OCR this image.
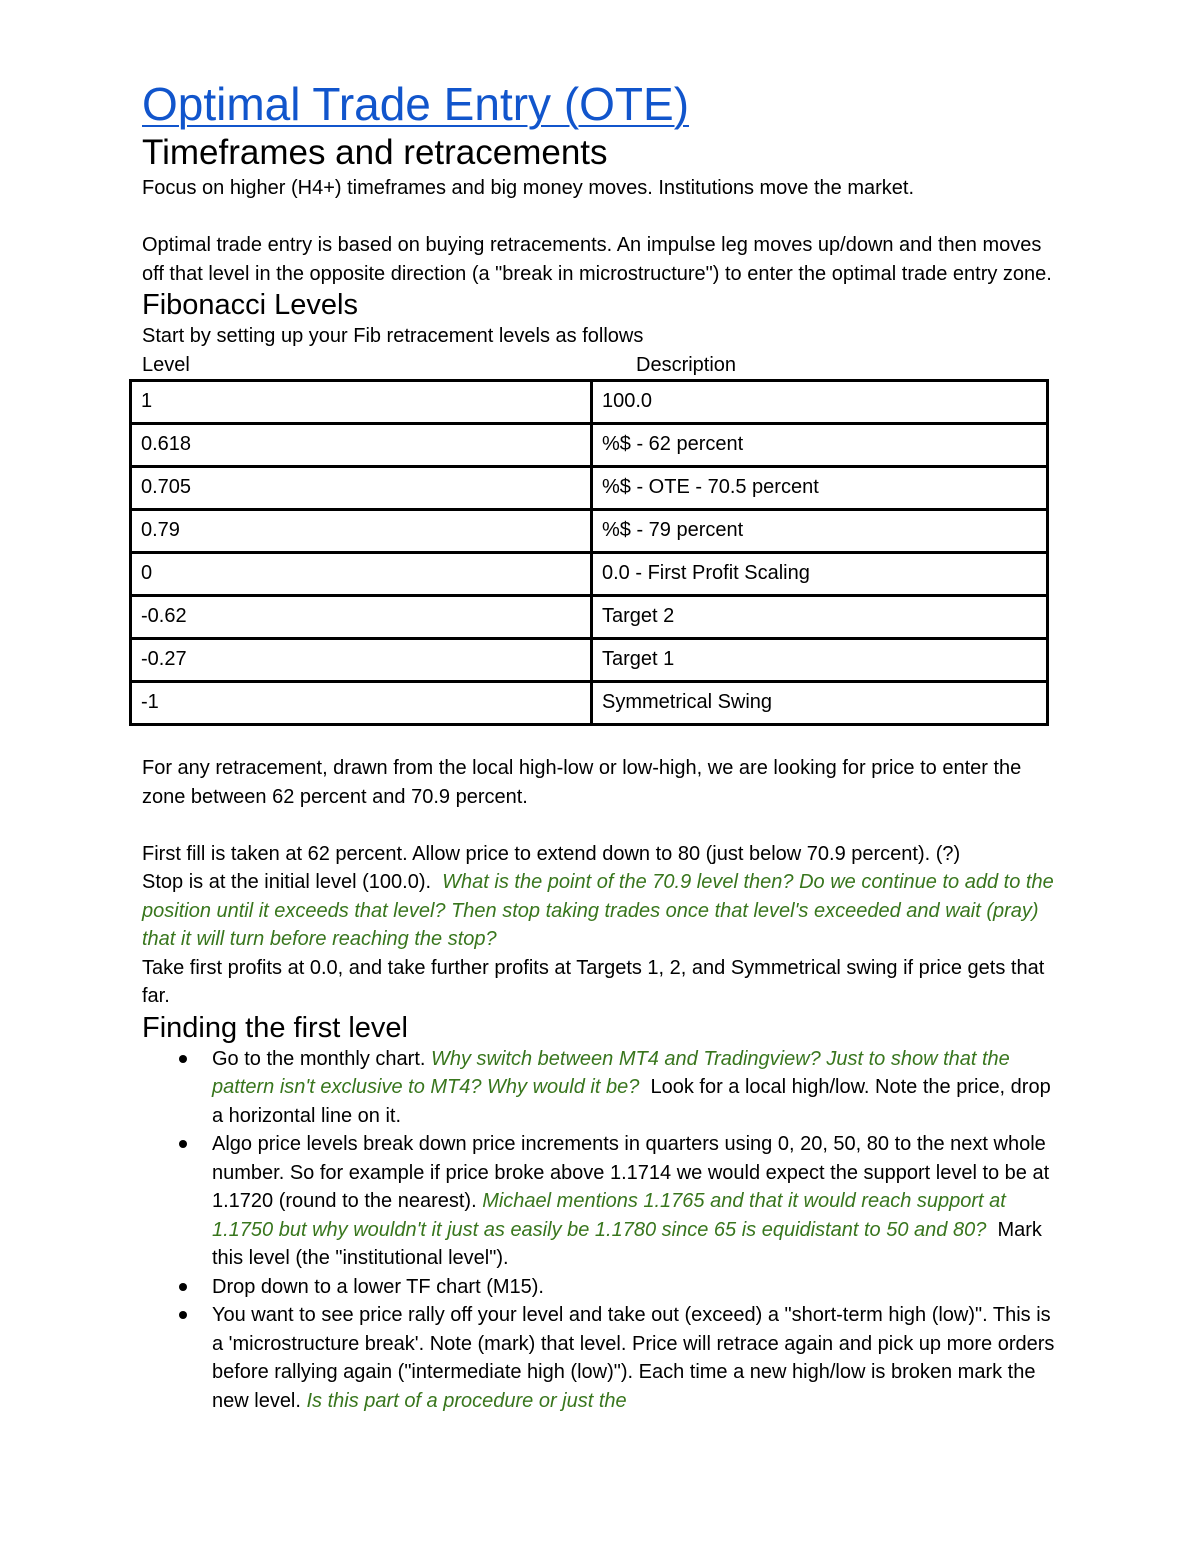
Optimal Trade Entry (OTE)
Timeframes and retracements

Focus on higher (H4+) timeframes and big money moves. Institutions move the market.

Optimal trade entry is based on buying retracements. An impulse leg moves up/down and then moves off that level in the opposite direction (a "break in microstructure") to enter the optimal trade entry zone.

Fibonacci Levels

Start by setting up your Fib retracement levels as follows

Level	Description
1	100.0
0.618	%$ - 62 percent
0.705	%$ - OTE - 70.5 percent
0.79	%$ - 79 percent
0	0.0 - First Profit Scaling
-0.62	Target 2
-0.27	Target 1
-1	Symmetrical Swing

For any retracement, drawn from the local high-low or low-high, we are looking for price to enter the zone between 62 percent and 70.9 percent.

First fill is taken at 62 percent. Allow price to extend down to 80 (just below 70.9 percent). (?)

Stop is at the initial level (100.0). What is the point of the 70.9 level then? Do we continue to add to the position until it exceeds that level? Then stop taking trades once that level's exceeded and wait (pray) that it will turn before reaching the stop?

Take first profits at 0.0, and take further profits at Targets 1, 2, and Symmetrical swing if price gets that far.

Finding the first level
Go to the monthly chart. Why switch between MT4 and Tradingview? Just to show that the pattern isn't exclusive to MT4? Why would it be? Look for a local high/low. Note the price, drop a horizontal line on it.
Algo price levels break down price increments in quarters using 0, 20, 50, 80 to the next whole number. So for example if price broke above 1.1714 we would expect the support level to be at 1.1720 (round to the nearest). Michael mentions 1.1765 and that it would reach support at 1.1750 but why wouldn't it just as easily be 1.1780 since 65 is equidistant to 50 and 80? Mark this level (the "institutional level").
Drop down to a lower TF chart (M15).
You want to see price rally off your level and take out (exceed) a "short-term high (low)". This is a 'microstructure break'. Note (mark) that level. Price will retrace again and pick up more orders before rallying again ("intermediate high (low)"). Each time a new high/low is broken mark the new level. Is this part of a procedure or just the
